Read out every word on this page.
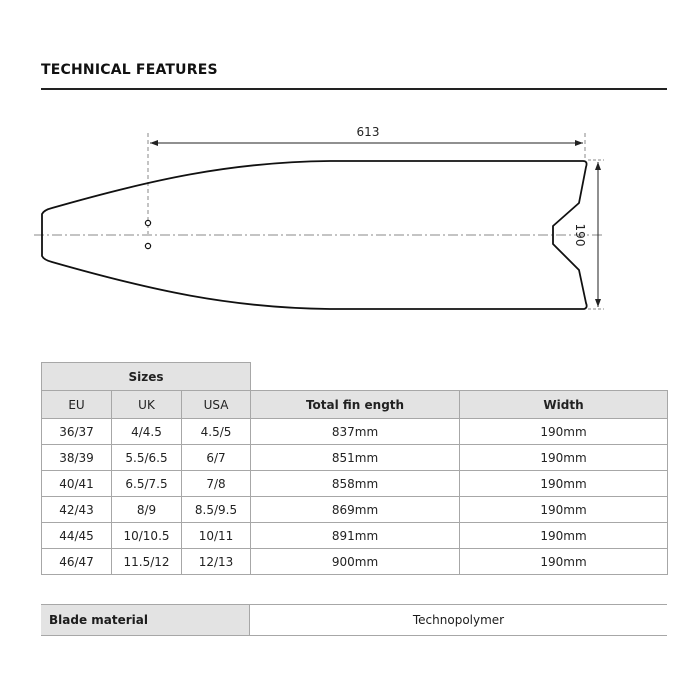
TECHNICAL FEATURES
613
190
Sizes				
EU	UK	USA	Total fin ength	Width
36/37	4/4.5	4.5/5	837mm	190mm
38/39	5.5/6.5	6/7	851mm	190mm
40/41	6.5/7.5	7/8	858mm	190mm
42/43	8/9	8.5/9.5	869mm	190mm
44/45	10/10.5	10/11	891mm	190mm
46/47	11.5/12	12/13	900mm	190mm
Blade material	Technopolymer
